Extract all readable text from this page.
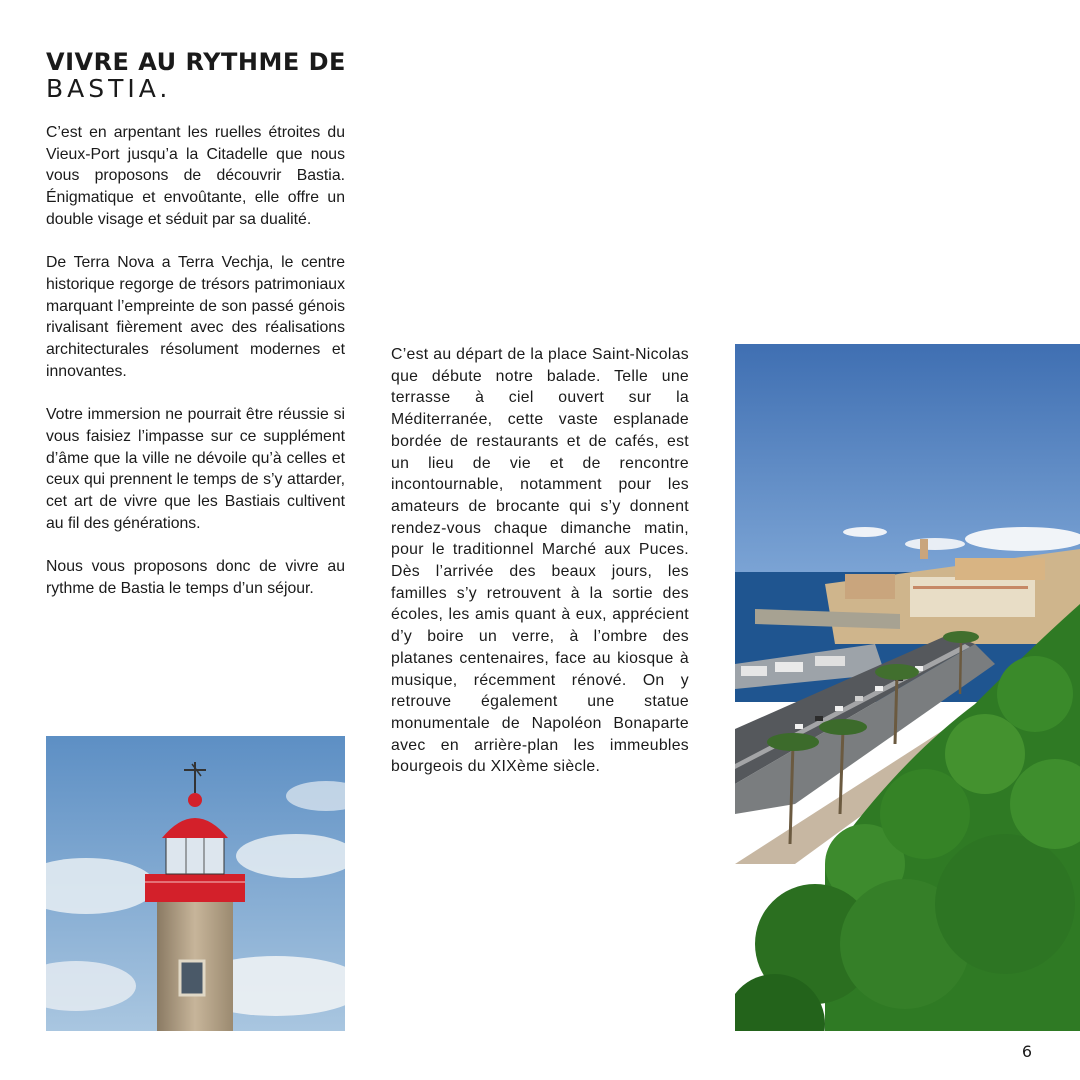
VIVRE AU RYTHME DE
BASTIA.

C’est en arpentant les ruelles étroites du Vieux-Port jusqu’a la Citadelle que nous vous proposons de découvrir Bastia. Énigmatique et envoûtante, elle offre un double visage et séduit par sa dualité.

De Terra Nova a Terra Vechja, le centre historique regorge de trésors patrimoniaux marquant l’empreinte de son passé génois rivalisant fièrement avec des réalisations architecturales résolument modernes et innovantes.

Votre immersion ne pourrait être réussie si vous faisiez l’impasse sur ce supplément d’âme que la ville ne dévoile qu’à celles et ceux qui prennent le temps de s’y attarder, cet art de vivre que les Bastiais cultivent au fil des générations.

Nous vous proposons donc de vivre au rythme de Bastia le temps d’un séjour.

C’est au départ de la place Saint-Nicolas que débute notre balade. Telle une terrasse à ciel ouvert sur la Méditerranée, cette vaste esplanade bordée de restaurants et de cafés, est un lieu de vie et de rencontre incontournable, notamment pour les amateurs de brocante qui s’y donnent rendez-vous chaque dimanche matin, pour le traditionnel Marché aux Puces. Dès l’arrivée des beaux jours, les familles s’y retrouvent à la sortie des écoles, les amis quant à eux, apprécient d’y boire un verre, à l’ombre des platanes centenaires, face au kiosque à musique, récemment rénové. On y retrouve également une statue monumentale de Napoléon Bonaparte avec en arrière-plan les immeubles bourgeois du XIXème siècle.

6
